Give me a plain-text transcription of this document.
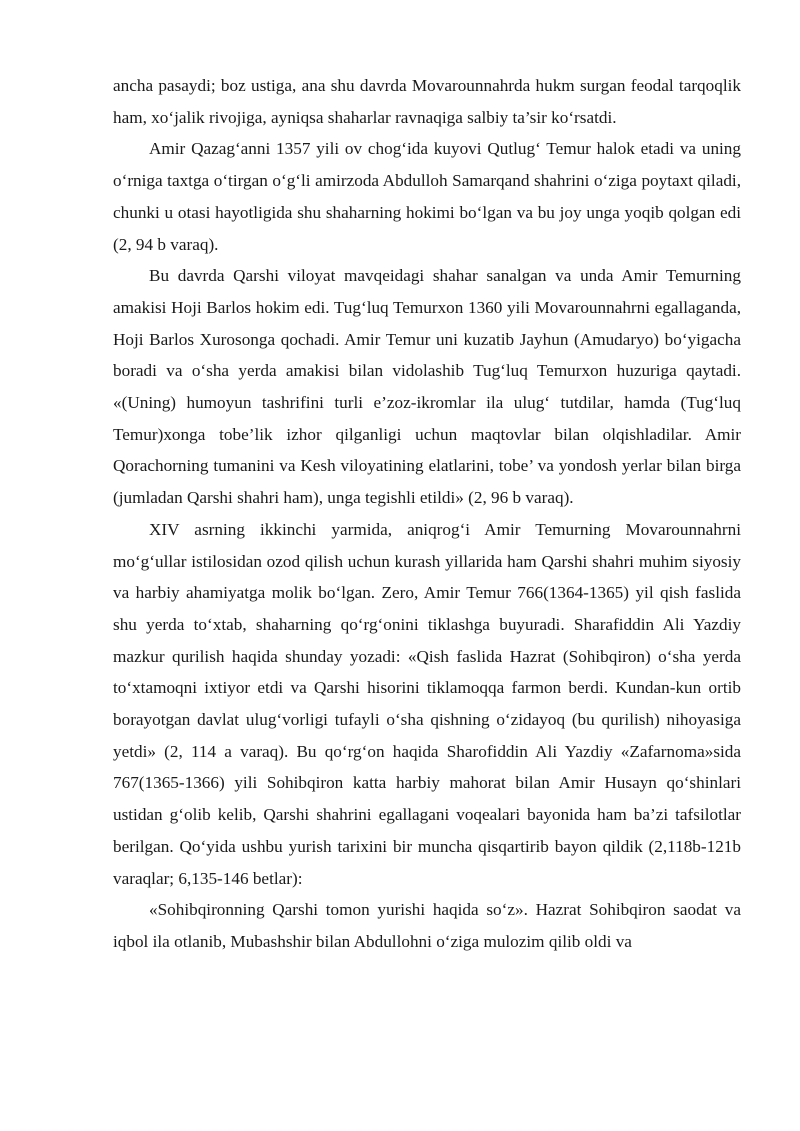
ancha pasaydi; boz ustiga, ana shu davrda Movarounnahrda hukm surgan feodal tarqoqlik ham, xo‘jalik rivojiga, ayniqsa shaharlar ravnaqiga salbiy ta’sir ko‘rsatdi.

Amir Qazag‘anni 1357 yili ov chog‘ida kuyovi Qutlug‘ Temur halok etadi va uning o‘rniga taxtga o‘tirgan o‘g‘li amirzoda Abdulloh Samarqand shahrini o‘ziga poytaxt qiladi, chunki u otasi hayotligida shu shaharning hokimi bo‘lgan va bu joy unga yoqib qolgan edi (2, 94 b varaq).

Bu davrda Qarshi viloyat mavqeidagi shahar sanalgan va unda Amir Temurning amakisi Hoji Barlos hokim edi. Tug‘luq Temurxon 1360 yili Movarounnahrni egallaganda, Hoji Barlos Xurosonga qochadi. Amir Temur uni kuzatib Jayhun (Amudaryo) bo‘yigacha boradi va o‘sha yerda amakisi bilan vidolashib Tug‘luq Temurxon huzuriga qaytadi. «(Uning) humoyun tashrifini turli e’zoz-ikromlar ila ulug‘ tutdilar, hamda (Tug‘luq Temur)xonga tobe’lik izhor qilganligi uchun maqtovlar bilan olqishladilar. Amir Qorachorning tumanini va Kesh viloyatining elatlarini, tobe’ va yondosh yerlar bilan birga (jumladan Qarshi shahri ham), unga tegishli etildi» (2, 96 b varaq).

XIV asrning ikkinchi yarmida, aniqrog‘i Amir Temurning Movarounnahrni mo‘g‘ullar istilosidan ozod qilish uchun kurash yillarida ham Qarshi shahri muhim siyosiy va harbiy ahamiyatga molik bo‘lgan. Zero, Amir Temur 766(1364-1365) yil qish faslida shu yerda to‘xtab, shaharning qo‘rg‘onini tiklashga buyuradi. Sharafiddin Ali Yazdiy mazkur qurilish haqida shunday yozadi: «Qish faslida Hazrat (Sohibqiron) o‘sha yerda to‘xtamoqni ixtiyor etdi va Qarshi hisorini tiklamoqqa farmon berdi. Kundan-kun ortib borayotgan davlat ulug‘vorligi tufayli o‘sha qishning o‘zidayoq (bu qurilish) nihoyasiga yetdi» (2, 114 a varaq). Bu qo‘rg‘on haqida Sharofiddin Ali Yazdiy «Zafarnoma»sida 767(1365-1366) yili Sohibqiron katta harbiy mahorat bilan Amir Husayn qo‘shinlari ustidan g‘olib kelib, Qarshi shahrini egallagani voqealari bayonida ham ba’zi tafsilotlar berilgan. Qo‘yida ushbu yurish tarixini bir muncha qisqartirib bayon qildik (2,118b-121b varaqlar; 6,135-146 betlar):

«Sohibqironning Qarshi tomon yurishi haqida so‘z». Hazrat Sohibqiron saodat va iqbol ila otlanib, Mubashshir bilan Abdullohni o‘ziga mulozim qilib oldi va
